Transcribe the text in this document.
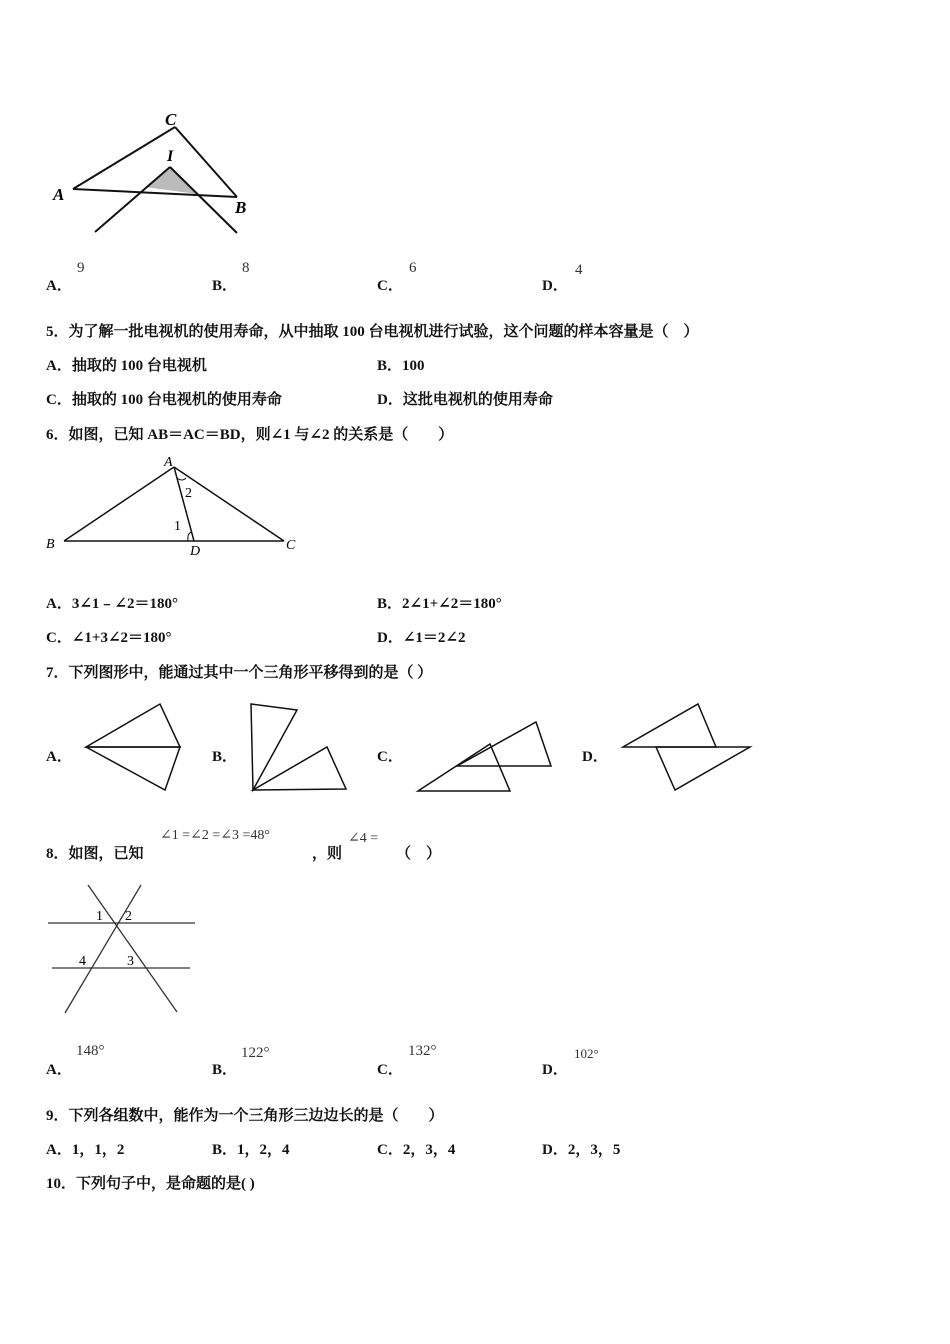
C
I
A
B
A．
9
B．
8
C．
6
D．
4
5．为了解一批电视机的使用寿命，从中抽取 100 台电视机进行试验，这个问题的样本容量是（　）
A．抽取的 100 台电视机	B．100
C．抽取的 100 台电视机的使用寿命	D．这批电视机的使用寿命
6．如图，已知 AB＝AC＝BD，则∠1 与∠2 的关系是（　　）
A
B	C
D
2
1
A．3∠1﹣∠2＝180°	B．2∠1+∠2＝180°
C．∠1+3∠2＝180°	D．∠1＝2∠2
7．下列图形中，能通过其中一个三角形平移得到的是（ ）
A．	B．	C．	D．
8．如图，已知
∠1 =∠2 =∠3 =48°
，则
∠4 =
（　）
1 2
4	3
A．
148°
B．
122°
C．
132°
D．
102°
9．下列各组数中，能作为一个三角形三边边长的是（　　）
A．1，1，2	B．1，2，4	C．2，3，4	D．2，3，5
10．下列句子中，是命题的是( )
